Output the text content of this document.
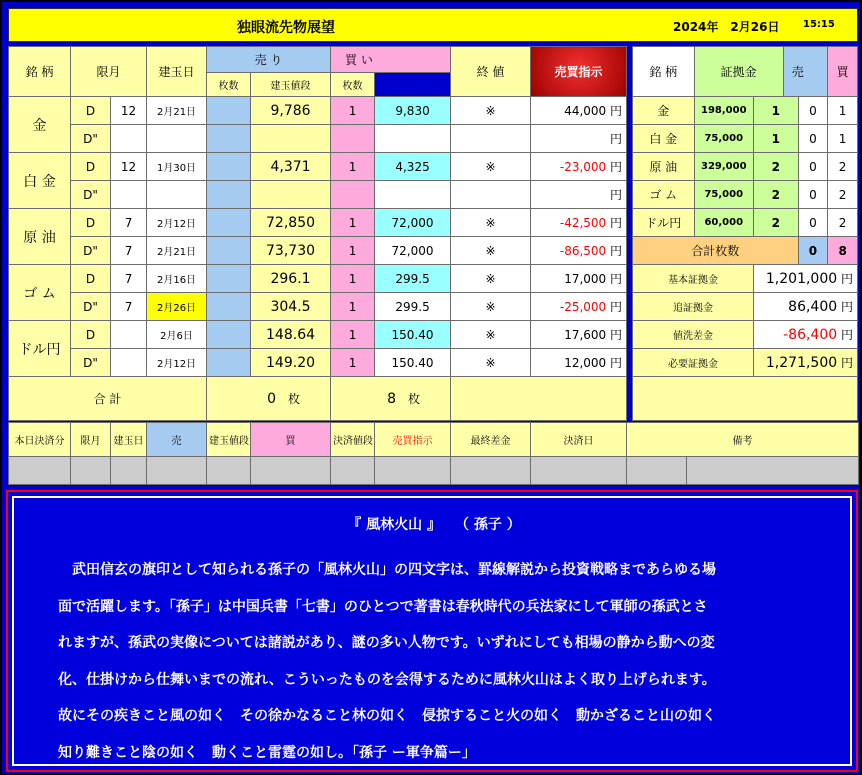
独眼流先物展望	2024年　2月26日 15:15
銘 柄	限月		建玉日	売 り		買 い		終 値	売買指示	
				枚数	建玉値段	枚数				
金	D	12	2月21日		9,786	1	9,830	※	44,000 円	
	D"								円	
白 金	D	12	1月30日		4,371	1	4,325	※	-23,000 円	
	D"								円	
原 油	D	7	2月12日		72,850	1	72,000	※	-42,500 円	
	D"	7	2月21日		73,730	1	72,000	※	-86,500 円	
ゴ ム	D	7	2月16日		296.1	1	299.5	※	17,000 円	
	D"	7	2月26日		304.5	1	299.5	※	-25,000 円	
ドル円	D		2月6日		148.64	1	150.40	※	17,600 円	
	D"		2月12日		149.20	1	150.40	※	12,000 円	
合 計				0　 枚		8　 枚		
銘 柄	証拠金		売		買
金	198,000	1		0	1
白 金	75,000	1		0	1
原 油	329,000	2		0	2
ゴ ム	75,000	2		0	2
ドル円	60,000	2		0	2
合計枚数				0	8
基本証拠金		1,201,000 円			
追証拠金		86,400 円			
値洗差金		-86,400 円			
必要証拠金		1,271,500 円			

本日決済分	限月	建玉日	売	建玉値段	買	決済値段	売買指示	最終差金	決済日	備考	

『 風林火山 』　　（ 孫子 ）
武田信玄の旗印として知られる孫子の「風林火山」の四文字は、罫線解説から投資戦略まであらゆる場
面で活躍します。「孫子」は中国兵書「七書」のひとつで著書は春秋時代の兵法家にして軍師の孫武とさ
れますが、孫武の実像については諸説があり、謎の多い人物です。いずれにしても相場の静から動への変
化、仕掛けから仕舞いまでの流れ、こういったものを会得するために風林火山はよく取り上げられます。
故にその疾きこと風の如く　その徐かなること林の如く　侵掠すること火の如く　動かざること山の如く
知り難きこと陰の如く　動くこと雷霆の如し。「孫子 ー軍争篇ー」
